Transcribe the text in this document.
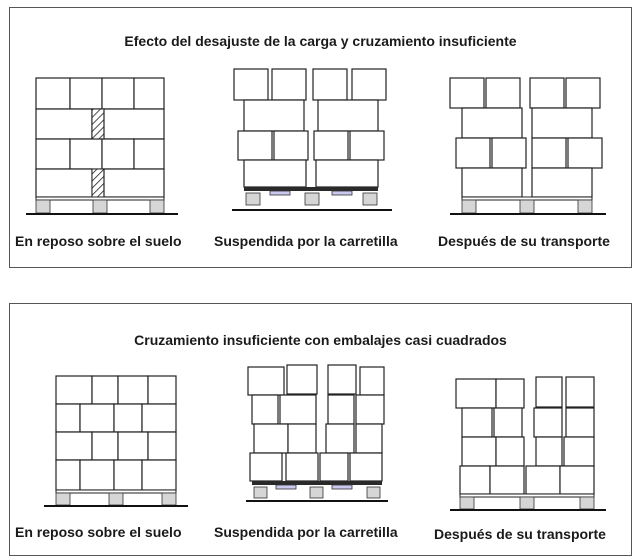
Efecto del desajuste de la carga y cruzamiento insuficiente

En reposo sobre el suelo Suspendida por la carretilla	Después de su transporte

Cruzamiento insuficiente con embalajes casi cuadrados

En reposo sobre el suelo Suspendida por la carretilla	Después de su transporte
